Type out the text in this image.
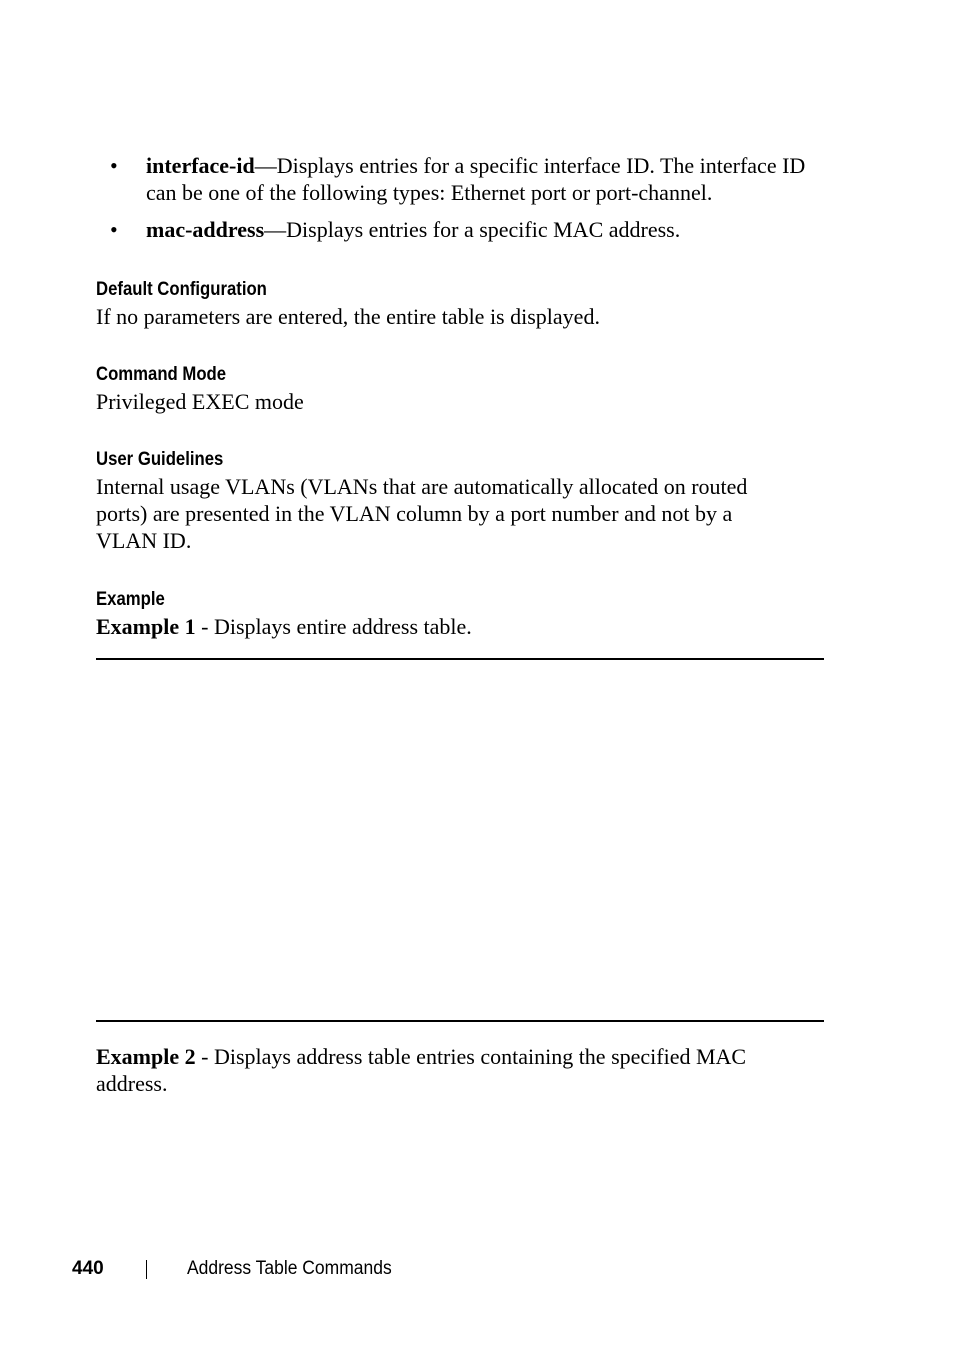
• interface-id—Displays entries for a specific interface ID. The interface ID can be one of the following types: Ethernet port or port-channel.
• mac-address—Displays entries for a specific MAC address.
Default Configuration

If no parameters are entered, the entire table is displayed.

Command Mode

Privileged EXEC mode

User Guidelines

Internal usage VLANs (VLANs that are automatically allocated on routed ports) are presented in the VLAN column by a port number and not by a VLAN ID.

Example

Example 1 - Displays entire address table.

Example 2 - Displays address table entries containing the specified MAC address.

440	Address Table Commands
